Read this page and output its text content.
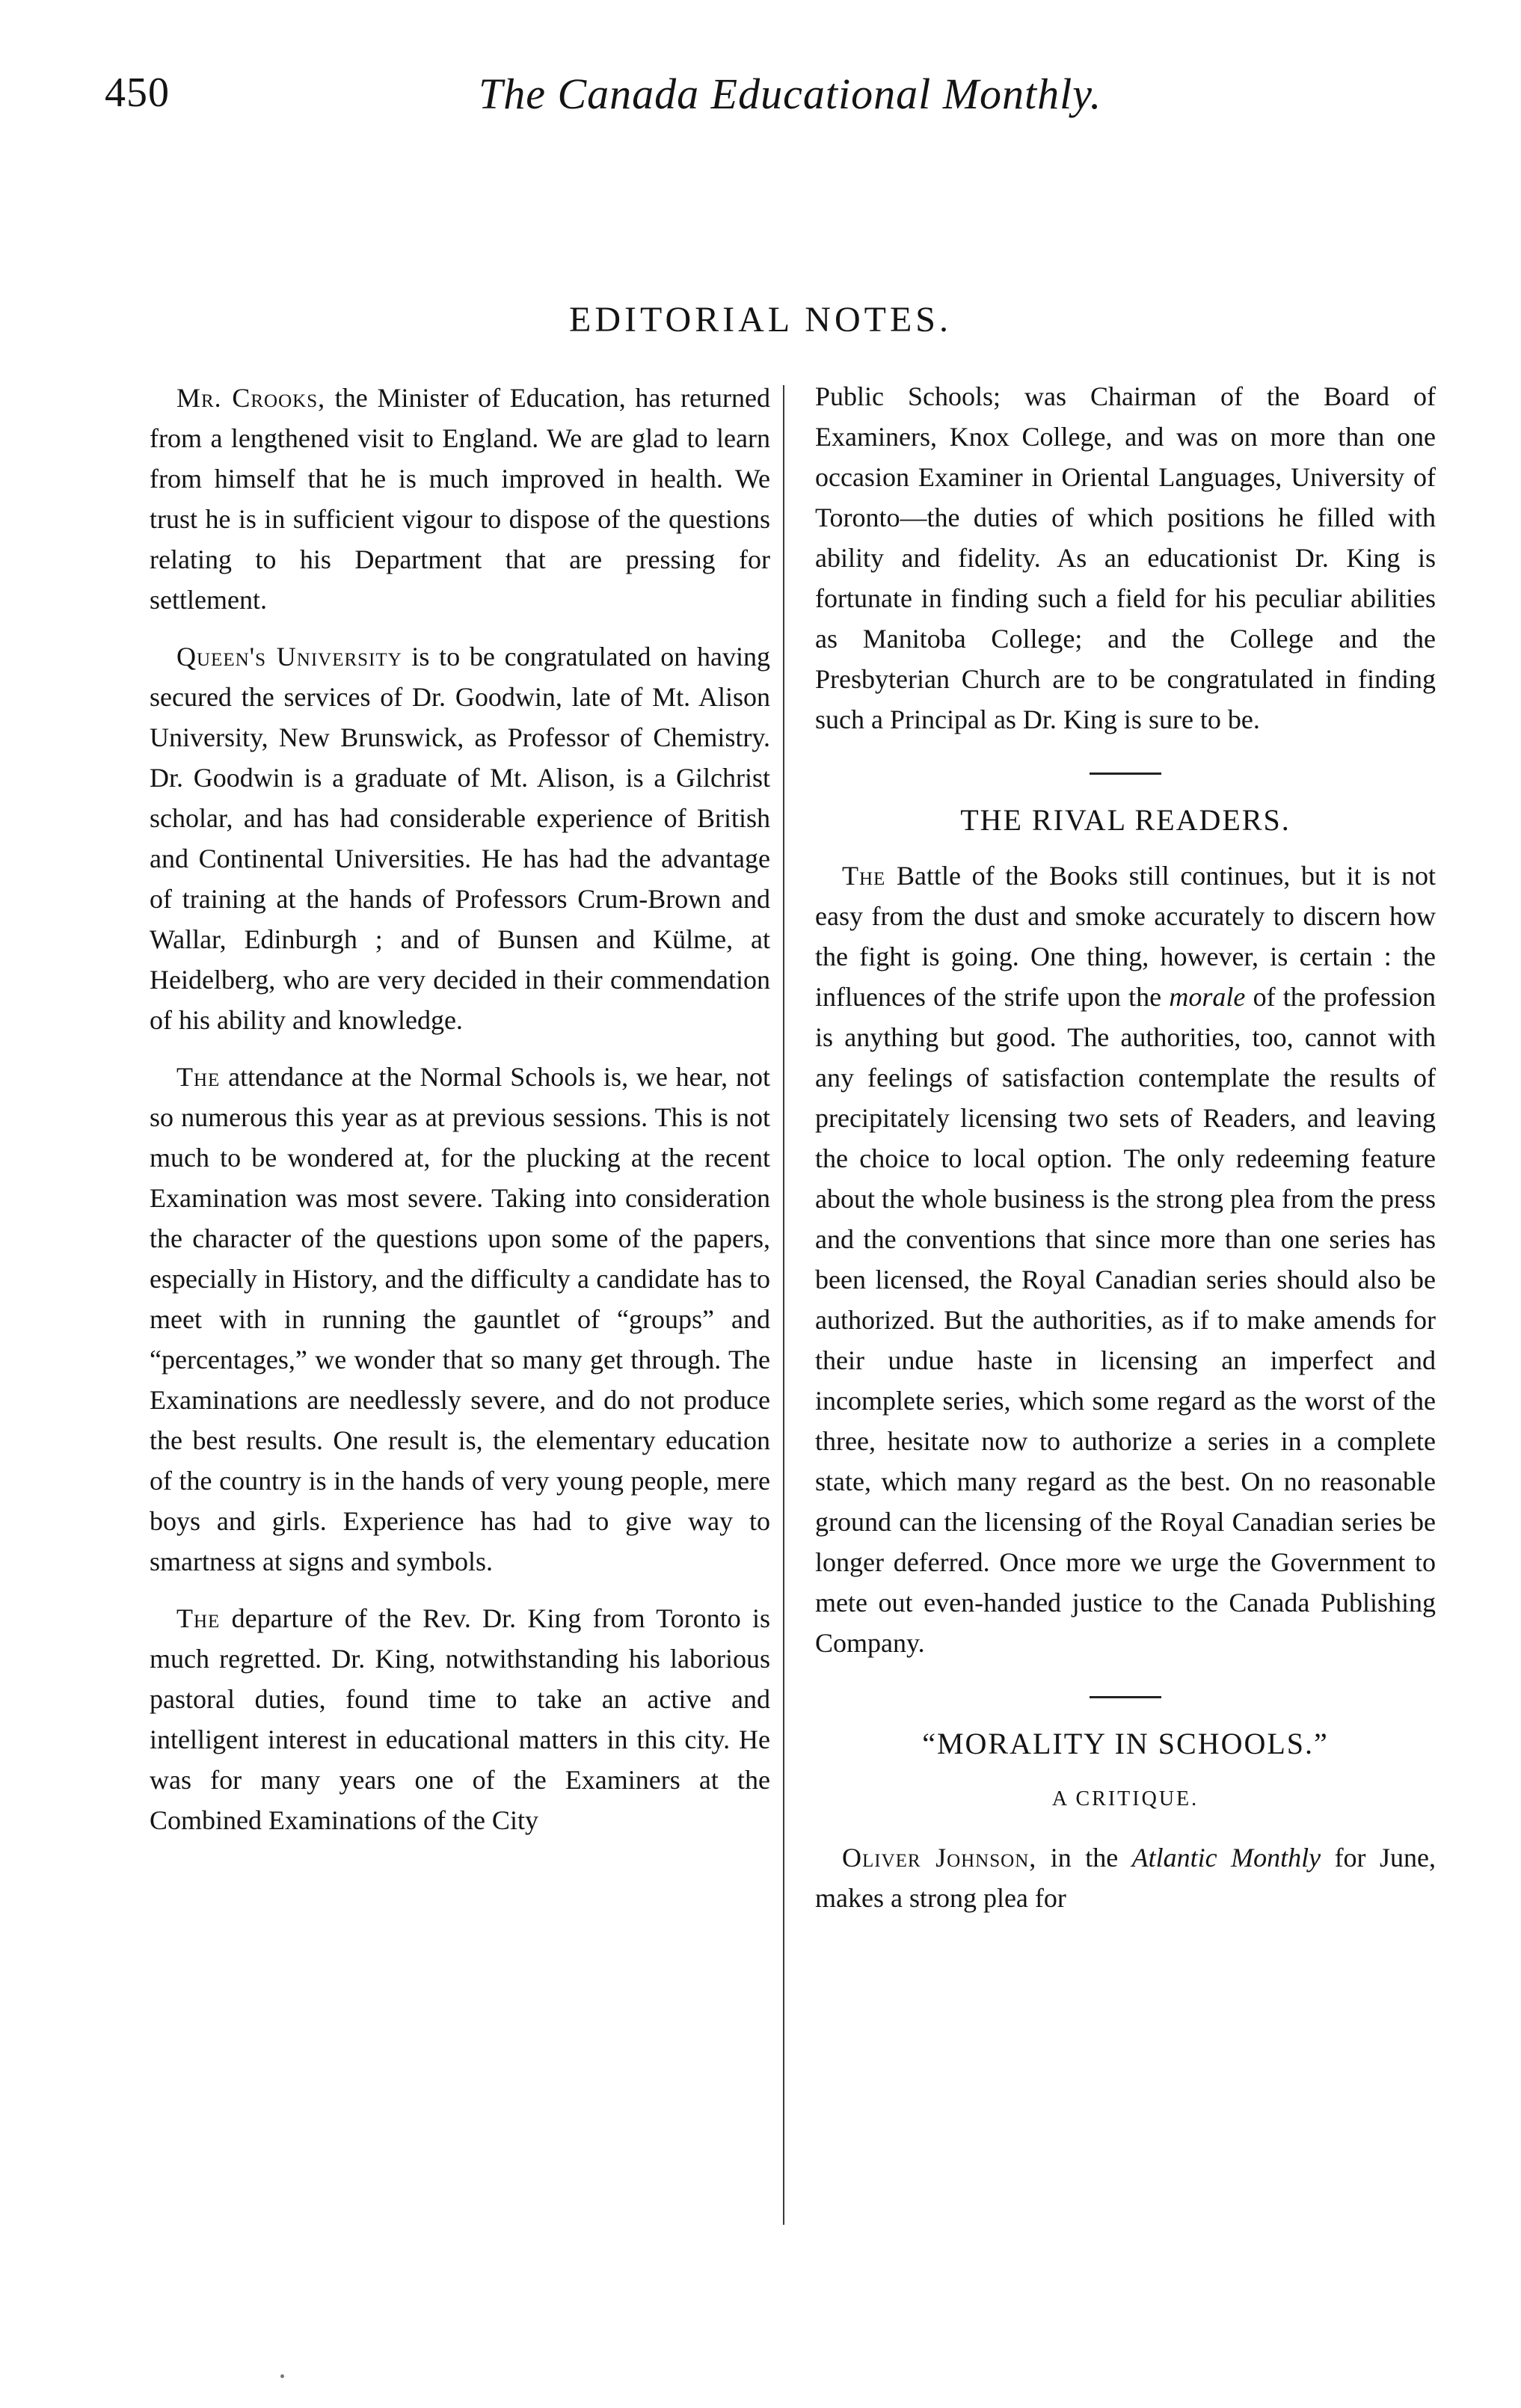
450	The Canada Educational Monthly.
EDITORIAL NOTES.

Mr. Crooks, the Minister of Education, has returned from a lengthened visit to England. We are glad to learn from himself that he is much improved in health. We trust he is in sufficient vigour to dispose of the questions relating to his Department that are pressing for settlement.

Queen's University is to be congratulated on having secured the services of Dr. Goodwin, late of Mt. Alison University, New Brunswick, as Professor of Chemistry. Dr. Goodwin is a graduate of Mt. Alison, is a Gilchrist scholar, and has had considerable experience of British and Continental Universities. He has had the advantage of training at the hands of Professors Crum-Brown and Wallar, Edinburgh ; and of Bunsen and Külme, at Heidelberg, who are very decided in their commendation of his ability and knowledge.

The attendance at the Normal Schools is, we hear, not so numerous this year as at previous sessions. This is not much to be wondered at, for the plucking at the recent Examination was most severe. Taking into consideration the character of the questions upon some of the papers, especially in History, and the difficulty a candidate has to meet with in running the gauntlet of “groups” and “percentages,” we wonder that so many get through. The Examinations are needlessly severe, and do not produce the best results. One result is, the elementary education of the country is in the hands of very young people, mere boys and girls. Experience has had to give way to smartness at signs and symbols.

The departure of the Rev. Dr. King from Toronto is much regretted. Dr. King, notwithstanding his laborious pastoral duties, found time to take an active and intelligent interest in educational matters in this city. He was for many years one of the Examiners at the Combined Examinations of the City

Public Schools; was Chairman of the Board of Examiners, Knox College, and was on more than one occasion Examiner in Oriental Languages, University of Toronto—the duties of which positions he filled with ability and fidelity. As an educationist Dr. King is fortunate in finding such a field for his peculiar abilities as Manitoba College; and the College and the Presbyterian Church are to be congratulated in finding such a Principal as Dr. King is sure to be.

THE RIVAL READERS.

The Battle of the Books still continues, but it is not easy from the dust and smoke accurately to discern how the fight is going. One thing, however, is certain : the influences of the strife upon the morale of the profession is anything but good. The authorities, too, cannot with any feelings of satisfaction contemplate the results of precipitately licensing two sets of Readers, and leaving the choice to local option. The only redeeming feature about the whole business is the strong plea from the press and the conventions that since more than one series has been licensed, the Royal Canadian series should also be authorized. But the authorities, as if to make amends for their undue haste in licensing an imperfect and incomplete series, which some regard as the worst of the three, hesitate now to authorize a series in a complete state, which many regard as the best. On no reasonable ground can the licensing of the Royal Canadian series be longer deferred. Once more we urge the Government to mete out even-handed justice to the Canada Publishing Company.

“MORALITY IN SCHOOLS.”

A CRITIQUE.

Oliver Johnson, in the Atlantic Monthly for June, makes a strong plea for
